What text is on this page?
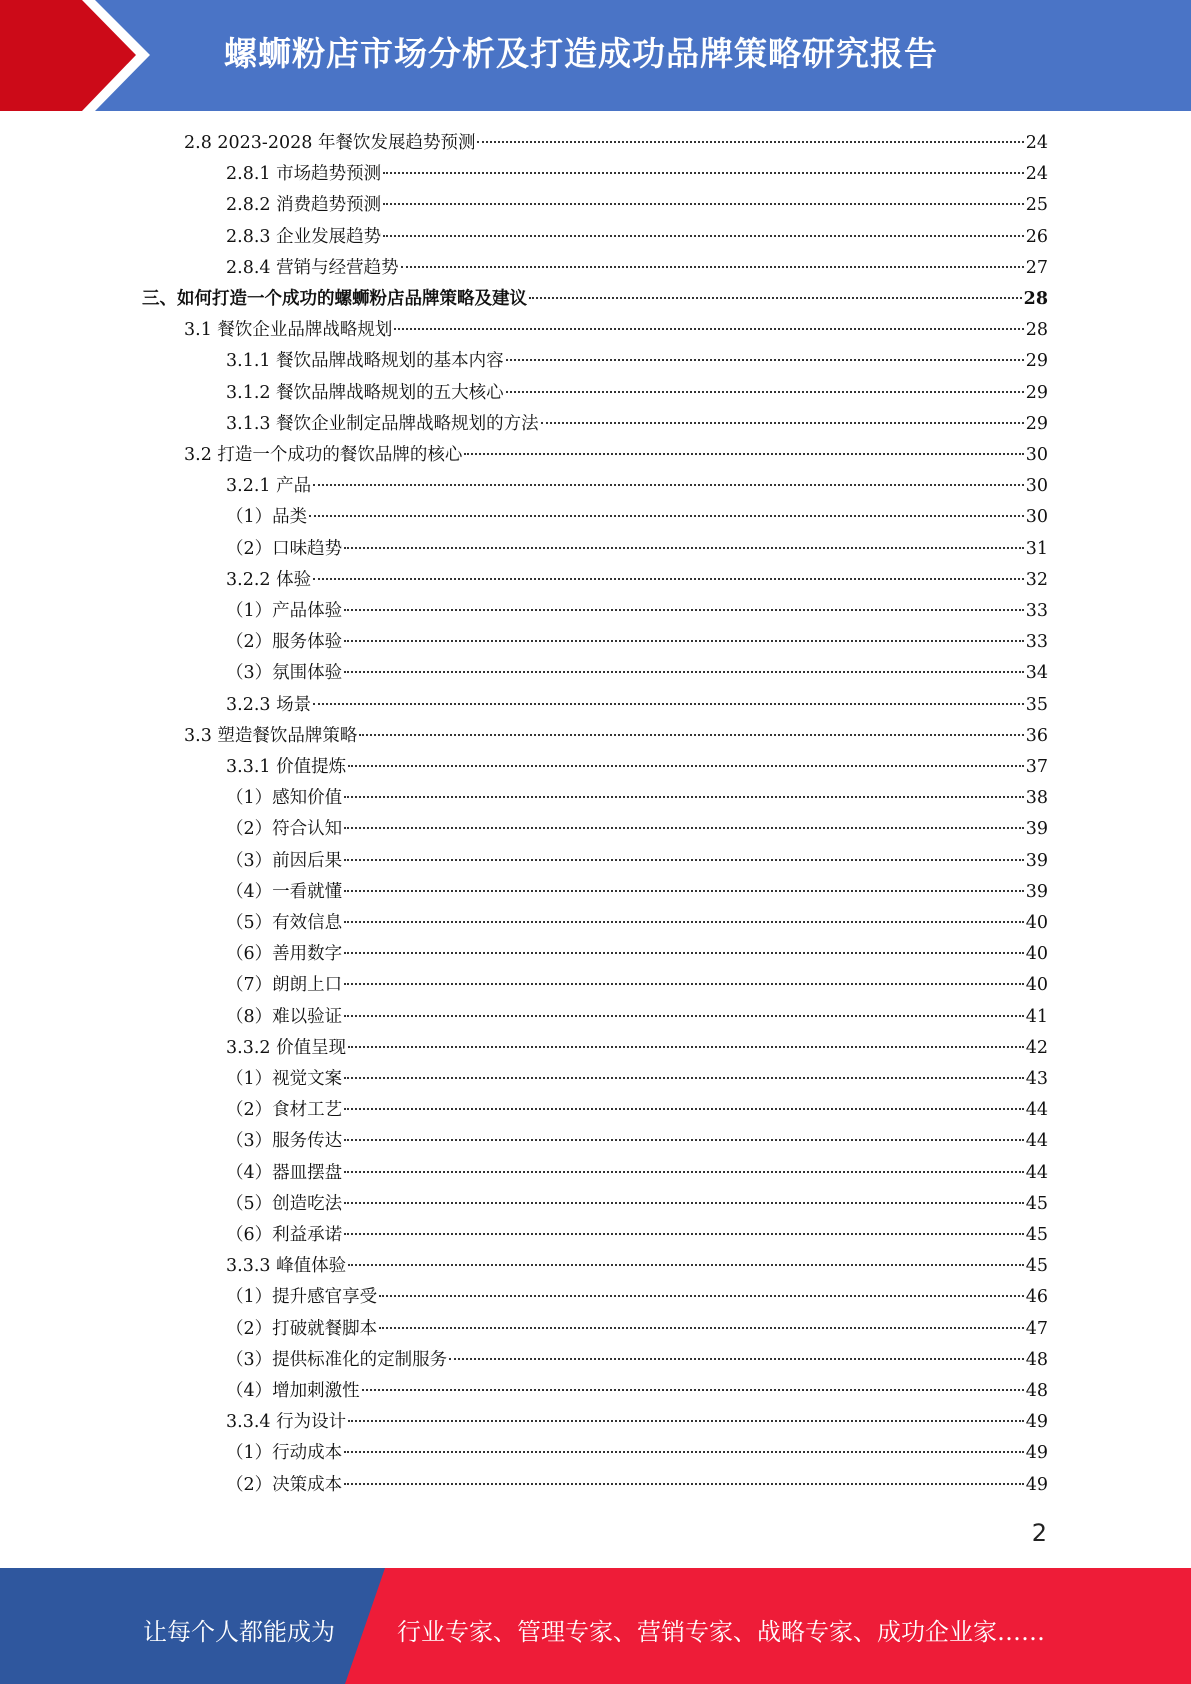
螺蛳粉店市场分析及打造成功品牌策略研究报告
2.8 2023-2028 年餐饮发展趋势预测	24
2.8.1 市场趋势预测	24
2.8.2 消费趋势预测	25
2.8.3 企业发展趋势	26
2.8.4 营销与经营趋势	27
三、如何打造一个成功的螺蛳粉店品牌策略及建议	28
3.1 餐饮企业品牌战略规划	28
3.1.1 餐饮品牌战略规划的基本内容	29
3.1.2 餐饮品牌战略规划的五大核心	29
3.1.3 餐饮企业制定品牌战略规划的方法	29
3.2 打造一个成功的餐饮品牌的核心	30
3.2.1 产品	30
（1）品类	30
（2）口味趋势	31
3.2.2 体验	32
（1）产品体验	33
（2）服务体验	33
（3）氛围体验	34
3.2.3 场景	35
3.3 塑造餐饮品牌策略	36
3.3.1 价值提炼	37
（1）感知价值	38
（2）符合认知	39
（3）前因后果	39
（4）一看就懂	39
（5）有效信息	40
（6）善用数字	40
（7）朗朗上口	40
（8）难以验证	41
3.3.2 价值呈现	42
（1）视觉文案	43
（2）食材工艺	44
（3）服务传达	44
（4）器皿摆盘	44
（5）创造吃法	45
（6）利益承诺	45
3.3.3 峰值体验	45
（1）提升感官享受	46
（2）打破就餐脚本	47
（3）提供标准化的定制服务	48
（4）增加刺激性	48
3.3.4 行为设计	49
（1）行动成本	49
（2）决策成本	49
2
让每个人都能成为	行业专家、管理专家、营销专家、战略专家、成功企业家……
